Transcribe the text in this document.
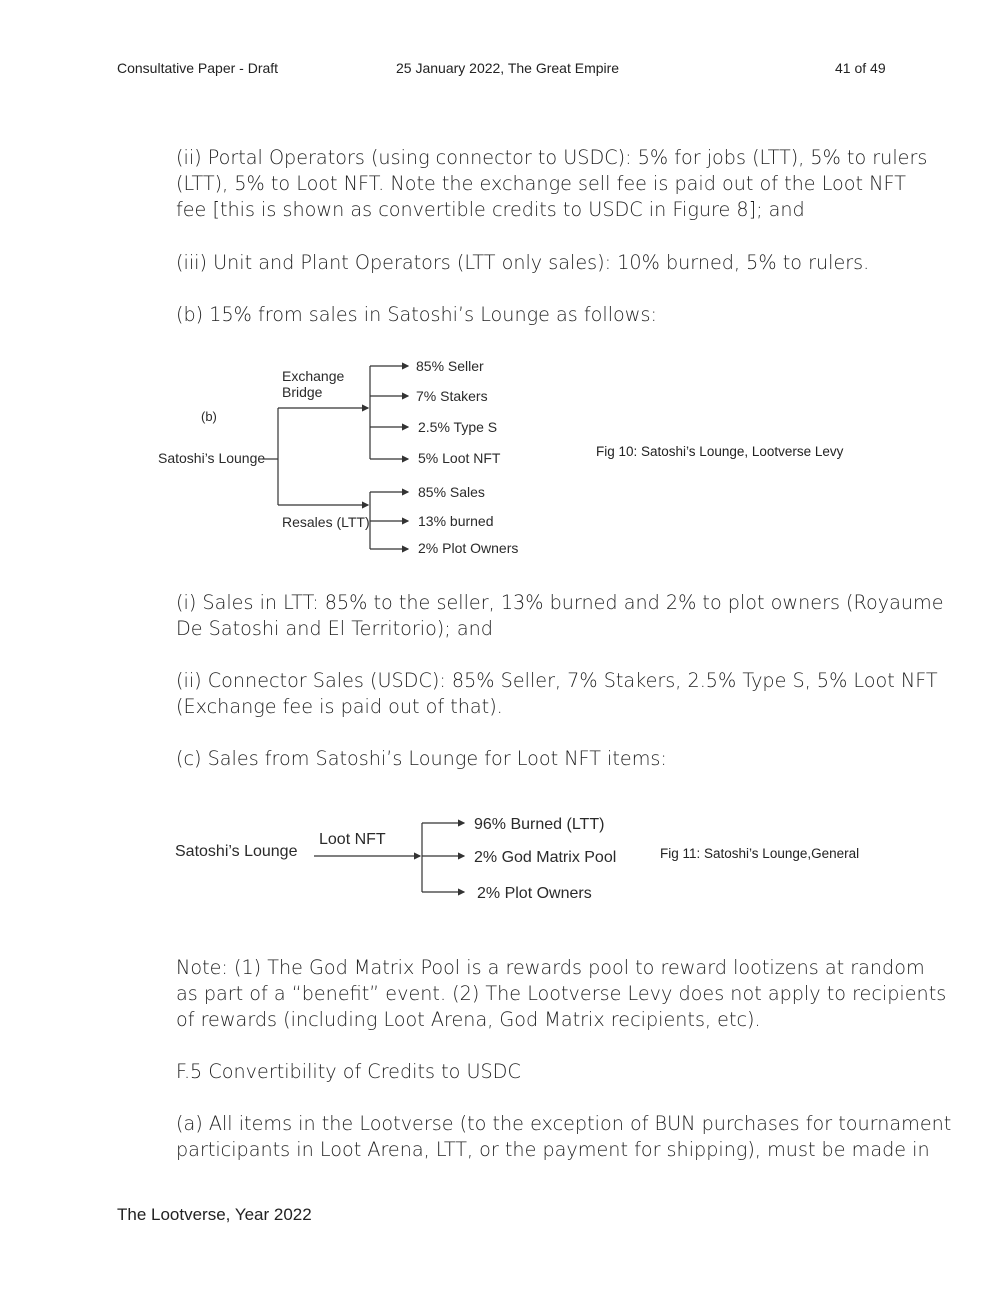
Consultative Paper - Draft	25 January 2022, The Great Empire	41 of 49
(ii) Portal Operators (using connector to USDC): 5% for jobs (LTT), 5% to rulers
(LTT), 5% to Loot NFT. Note the exchange sell fee is paid out of the Loot NFT
fee [this is shown as convertible credits to USDC in Figure 8]; and
(iii) Unit and Plant Operators (LTT only sales): 10% burned, 5% to rulers.
(b) 15% from sales in Satoshi’s Lounge as follows:
(b)
Satoshi’s Lounge
Exchange
Bridge
Resales (LTT)
85% Seller
7% Stakers
2.5% Type S
5% Loot NFT
85% Sales
13% burned
2% Plot Owners
Fig 10: Satoshi’s Lounge, Lootverse Levy
(i) Sales in LTT: 85% to the seller, 13% burned and 2% to plot owners (Royaume
De Satoshi and El Territorio); and
(ii) Connector Sales (USDC): 85% Seller, 7% Stakers, 2.5% Type S, 5% Loot NFT
(Exchange fee is paid out of that).
(c) Sales from Satoshi’s Lounge for Loot NFT items:
Satoshi’s Lounge
Loot NFT
96% Burned (LTT)
2% God Matrix Pool
2% Plot Owners
Fig 11: Satoshi’s Lounge,General
Note: (1) The God Matrix Pool is a rewards pool to reward lootizens at random
as part of a “benefit” event. (2) The Lootverse Levy does not apply to recipients
of rewards (including Loot Arena, God Matrix recipients, etc).
F.5 Convertibility of Credits to USDC
(a) All items in the Lootverse (to the exception of BUN purchases for tournament
participants in Loot Arena, LTT, or the payment for shipping), must be made in
The Lootverse, Year 2022
